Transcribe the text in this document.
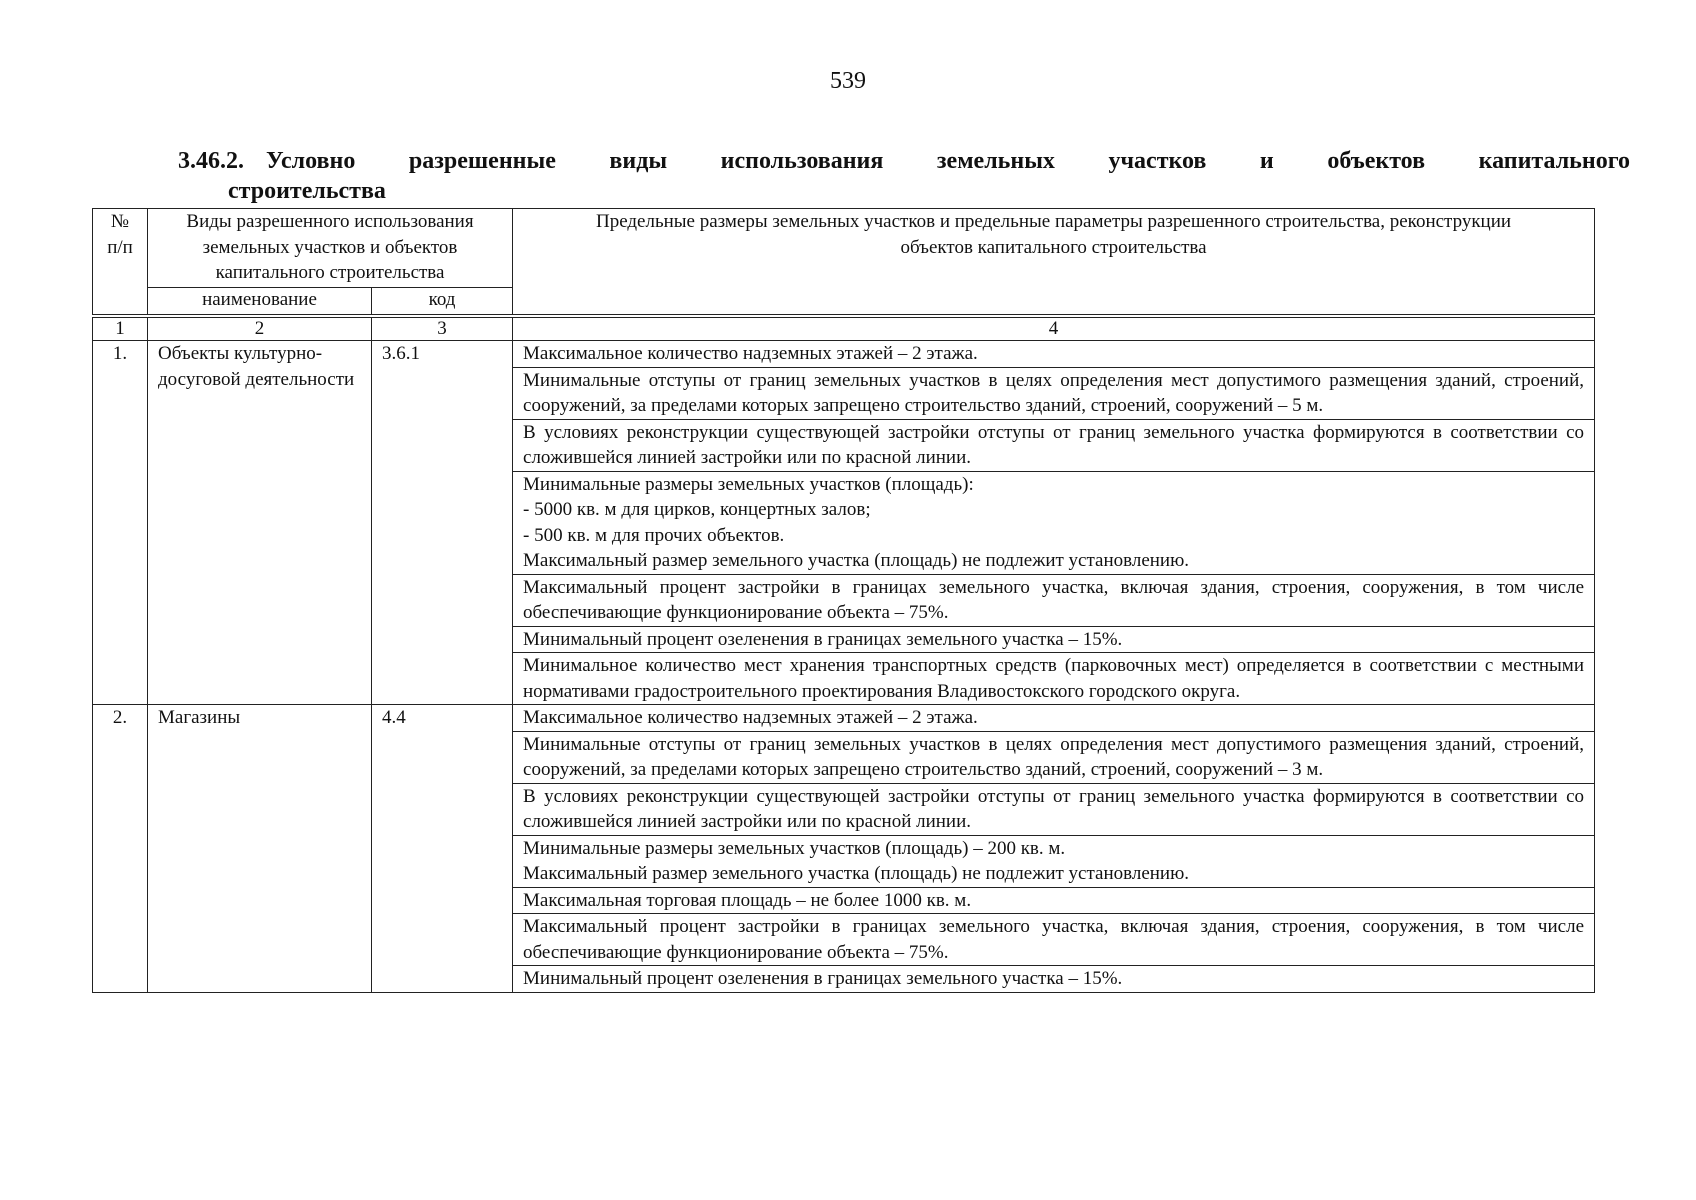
539
3.46.2. Условно разрешенные виды использования земельных участков и объектов капитального
строительства
№ п/п	Виды разрешенного использования земельных участков и объектов капитального строительства		Предельные размеры земельных участков и предельные параметры разрешенного строительства, реконструкции объектов капитального строительства
	наименование	код	
1	2	3	4
1.	Объекты культурно-досуговой деятельности	3.6.1	Максимальное количество надземных этажей – 2 этажа.

			Минимальные отступы от границ земельных участков в целях определения мест допустимого размещения зданий, строений, сооружений, за пределами которых запрещено строительство зданий, строений, сооружений – 5 м.

			В условиях реконструкции существующей застройки отступы от границ земельного участка формируются в соответствии со сложившейся линией застройки или по красной линии.

			Минимальные размеры земельных участков (площадь):
- 5000 кв. м для цирков, концертных залов;
- 500 кв. м для прочих объектов.
Максимальный размер земельного участка (площадь) не подлежит установлению.

			Максимальный процент застройки в границах земельного участка, включая здания, строения, сооружения, в том числе обеспечивающие функционирование объекта – 75%.

			Минимальный процент озеленения в границах земельного участка – 15%.

			Минимальное количество мест хранения транспортных средств (парковочных мест) определяется в соответствии с местными нормативами градостроительного проектирования Владивостокского городского округа.

2.	Магазины	4.4	Максимальное количество надземных этажей – 2 этажа.

			Минимальные отступы от границ земельных участков в целях определения мест допустимого размещения зданий, строений, сооружений, за пределами которых запрещено строительство зданий, строений, сооружений – 3 м.

			В условиях реконструкции существующей застройки отступы от границ земельного участка формируются в соответствии со сложившейся линией застройки или по красной линии.

			Минимальные размеры земельных участков (площадь) – 200 кв. м.
Максимальный размер земельного участка (площадь) не подлежит установлению.

			Максимальная торговая площадь – не более 1000 кв. м.

			Максимальный процент застройки в границах земельного участка, включая здания, строения, сооружения, в том числе обеспечивающие функционирование объекта – 75%.

			Минимальный процент озеленения в границах земельного участка – 15%.
